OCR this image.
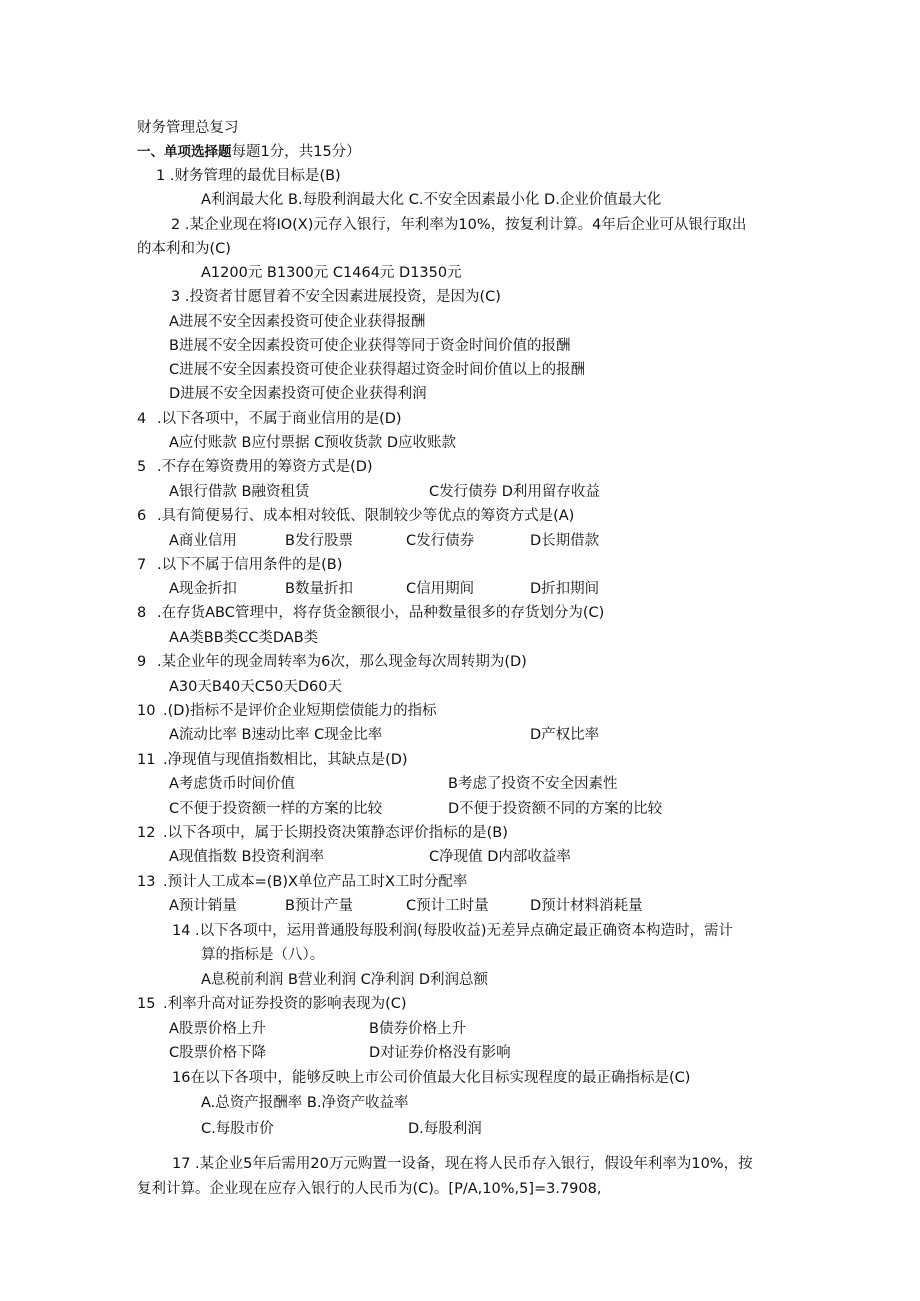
财务管理总复习
一、单项选择题每题1分，共15分）
1 .财务管理的最优目标是(B)
A利润最大化 B.每股利润最大化 C.不安全因素最小化 D.企业价值最大化
2 .某企业现在将IO(X)元存入银行，年利率为10%，按复利计算。4年后企业可从银行取出
的本利和为(C)
A1200元 B1300元 C1464元 D1350元
3 .投资者甘愿冒着不安全因素进展投资，是因为(C)
A进展不安全因素投资可使企业获得报酬
B进展不安全因素投资可使企业获得等同于资金时间价值的报酬
C进展不安全因素投资可使企业获得超过资金时间价值以上的报酬
D进展不安全因素投资可使企业获得利润
4 .以下各项中，不属于商业信用的是(D)
A应付账款 B应付票据 C预收货款 D应收账款
5 .不存在筹资费用的筹资方式是(D)
A银行借款 B融资租赁	C发行债券 D利用留存收益
6 .具有简便易行、成本相对较低、限制较少等优点的筹资方式是(A)
A商业信用	B发行股票	C发行债券	D长期借款
7 .以下不属于信用条件的是(B)
A现金折扣	B数量折扣	C信用期间	D折扣期间
8 .在存货ABC管理中，将存货金额很小，品种数量很多的存货划分为(C)
AA类BB类CC类DAB类
9 .某企业年的现金周转率为6次，那么现金每次周转期为(D)
A30天B40天C50天D60天
10 .(D)指标不是评价企业短期偿债能力的指标
A流动比率 B速动比率 C现金比率	D产权比率
11 .净现值与现值指数相比，其缺点是(D)
A考虑货币时间价值	B考虑了投资不安全因素性
C不便于投资额一样的方案的比较	D不便于投资额不同的方案的比较
12 .以下各项中，属于长期投资决策静态评价指标的是(B)
A现值指数 B投资利润率	C净现值 D内部收益率
13 .预计人工成本=(B)X单位产品工时X工时分配率
A预计销量	B预计产量	C预计工时量	D预计材料消耗量
14 .以下各项中，运用普通股每股利润(每股收益)无差异点确定最正确资本构造时，需计
算的指标是（八）。
A息税前利润 B营业利润 C净利润 D利润总额
15 .利率升高对证券投资的影响表现为(C)
A股票价格上升	B债券价格上升
C股票价格下降	D对证券价格没有影响
16在以下各项中，能够反映上市公司价值最大化目标实现程度的最正确指标是(C)
A.总资产报酬率 B.净资产收益率
C.每股市价	D.每股利润
17 .某企业5年后需用20万元购置一设备，现在将人民币存入银行，假设年利率为10%，按
复利计算。企业现在应存入银行的人民币为(C)。[P/A,10%,5]=3.7908,
